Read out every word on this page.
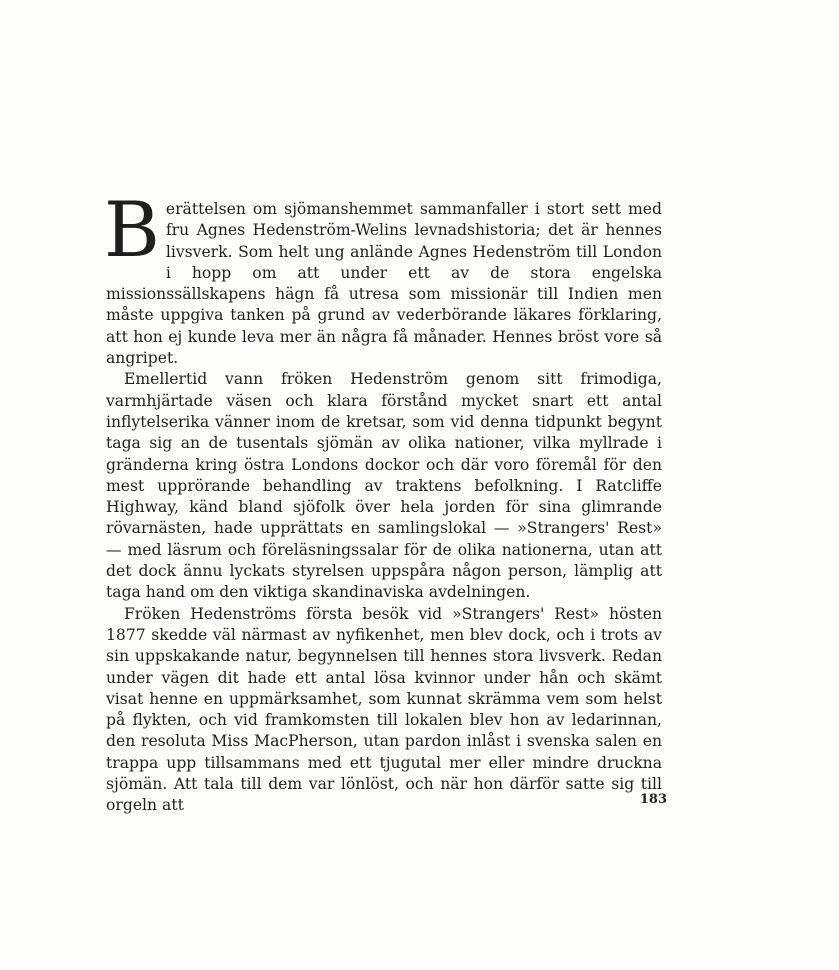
Berättelsen om sjömanshemmet sammanfaller i stort sett med fru Agnes Hedenström-Welins levnadshistoria; det är hennes livsverk. Som helt ung anlände Agnes Hedenström till London i hopp om att under ett av de stora engelska missionssällskapens hägn få utresa som missionär till Indien men måste uppgiva tanken på grund av vederbörande läkares förklaring, att hon ej kunde leva mer än några få månader. Hennes bröst vore så angripet.

Emellertid vann fröken Hedenström genom sitt frimodiga, varmhjärtade väsen och klara förstånd mycket snart ett antal inflytelserika vänner inom de kretsar, som vid denna tidpunkt begynt taga sig an de tusentals sjömän av olika nationer, vilka myllrade i gränderna kring östra Londons dockor och där voro föremål för den mest upprörande behandling av traktens befolkning. I Ratcliffe Highway, känd bland sjöfolk över hela jorden för sina glimrande rövarnästen, hade upprättats en samlingslokal — »Strangers' Rest» — med läsrum och föreläsningssalar för de olika nationerna, utan att det dock ännu lyckats styrelsen uppspåra någon person, lämplig att taga hand om den viktiga skandinaviska avdelningen.

Fröken Hedenströms första besök vid »Strangers' Rest» hösten 1877 skedde väl närmast av nyfikenhet, men blev dock, och i trots av sin uppskakande natur, begynnelsen till hennes stora livsverk. Redan under vägen dit hade ett antal lösa kvinnor under hån och skämt visat henne en uppmärksamhet, som kunnat skrämma vem som helst på flykten, och vid framkomsten till lokalen blev hon av ledarinnan, den resoluta Miss MacPherson, utan pardon inlåst i svenska salen en trappa upp tillsammans med ett tjugutal mer eller mindre druckna sjömän. Att tala till dem var lönlöst, och när hon därför satte sig till orgeln att	183
